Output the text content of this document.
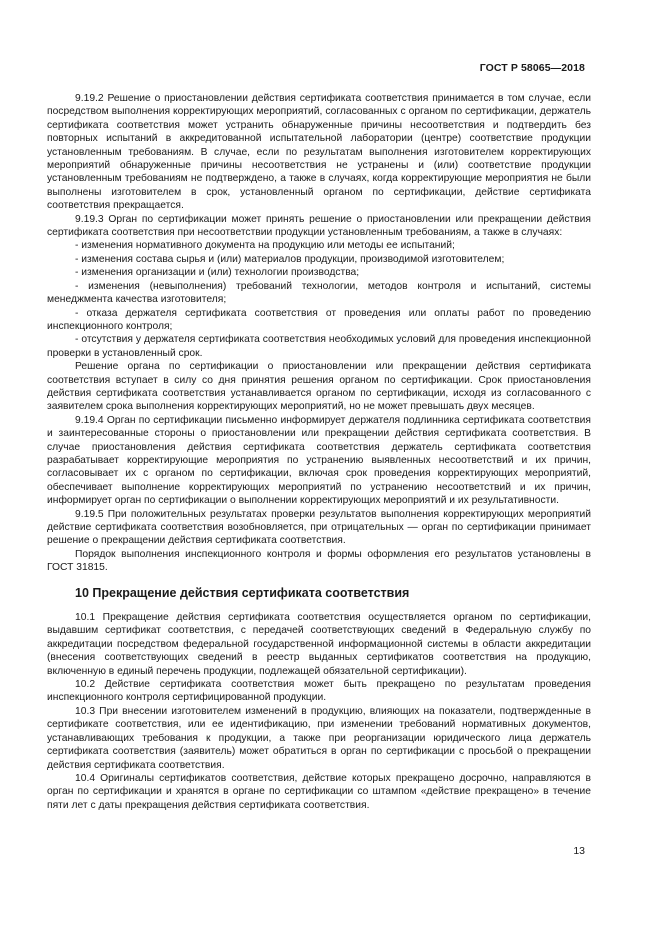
ГОСТ Р 58065—2018

9.19.2 Решение о приостановлении действия сертификата соответствия принимается в том случае, если посредством выполнения корректирующих мероприятий, согласованных с органом по сертификации, держатель сертификата соответствия может устранить обнаруженные причины несоответствия и подтвердить без повторных испытаний в аккредитованной испытательной лаборатории (центре) соответствие продукции установленным требованиям. В случае, если по результатам выполнения изготовителем корректирующих мероприятий обнаруженные причины несоответствия не устранены и (или) соответствие продукции установленным требованиям не подтверждено, а также в случаях, когда корректирующие мероприятия не были выполнены изготовителем в срок, установленный органом по сертификации, действие сертификата соответствия прекращается.

9.19.3 Орган по сертификации может принять решение о приостановлении или прекращении действия сертификата соответствия при несоответствии продукции установленным требованиям, а также в случаях:

- изменения нормативного документа на продукцию или методы ее испытаний;

- изменения состава сырья и (или) материалов продукции, производимой изготовителем;

- изменения организации и (или) технологии производства;

- изменения (невыполнения) требований технологии, методов контроля и испытаний, системы менеджмента качества изготовителя;

- отказа держателя сертификата соответствия от проведения или оплаты работ по проведению инспекционного контроля;

- отсутствия у держателя сертификата соответствия необходимых условий для проведения инспекционной проверки в установленный срок.

Решение органа по сертификации о приостановлении или прекращении действия сертификата соответствия вступает в силу со дня принятия решения органом по сертификации. Срок приостановления действия сертификата соответствия устанавливается органом по сертификации, исходя из согласованного с заявителем срока выполнения корректирующих мероприятий, но не может превышать двух месяцев.

9.19.4 Орган по сертификации письменно информирует держателя подлинника сертификата соответствия и заинтересованные стороны о приостановлении или прекращении действия сертификата соответствия. В случае приостановления действия сертификата соответствия держатель сертификата соответствия разрабатывает корректирующие мероприятия по устранению выявленных несоответствий и их причин, согласовывает их с органом по сертификации, включая срок проведения корректирующих мероприятий, обеспечивает выполнение корректирующих мероприятий по устранению несоответствий и их причин, информирует орган по сертификации о выполнении корректирующих мероприятий и их результативности.

9.19.5 При положительных результатах проверки результатов выполнения корректирующих мероприятий действие сертификата соответствия возобновляется, при отрицательных — орган по сертификации принимает решение о прекращении действия сертификата соответствия.

Порядок выполнения инспекционного контроля и формы оформления его результатов установлены в ГОСТ 31815.

10 Прекращение действия сертификата соответствия

10.1 Прекращение действия сертификата соответствия осуществляется органом по сертификации, выдавшим сертификат соответствия, с передачей соответствующих сведений в Федеральную службу по аккредитации посредством федеральной государственной информационной системы в области аккредитации (внесения соответствующих сведений в реестр выданных сертификатов соответствия на продукцию, включенную в единый перечень продукции, подлежащей обязательной сертификации).

10.2 Действие сертификата соответствия может быть прекращено по результатам проведения инспекционного контроля сертифицированной продукции.

10.3 При внесении изготовителем изменений в продукцию, влияющих на показатели, подтвержденные в сертификате соответствия, или ее идентификацию, при изменении требований нормативных документов, устанавливающих требования к продукции, а также при реорганизации юридического лица держатель сертификата соответствия (заявитель) может обратиться в орган по сертификации с просьбой о прекращении действия сертификата соответствия.

10.4 Оригиналы сертификатов соответствия, действие которых прекращено досрочно, направляются в орган по сертификации и хранятся в органе по сертификации со штампом «действие прекращено» в течение пяти лет с даты прекращения действия сертификата соответствия.

13
